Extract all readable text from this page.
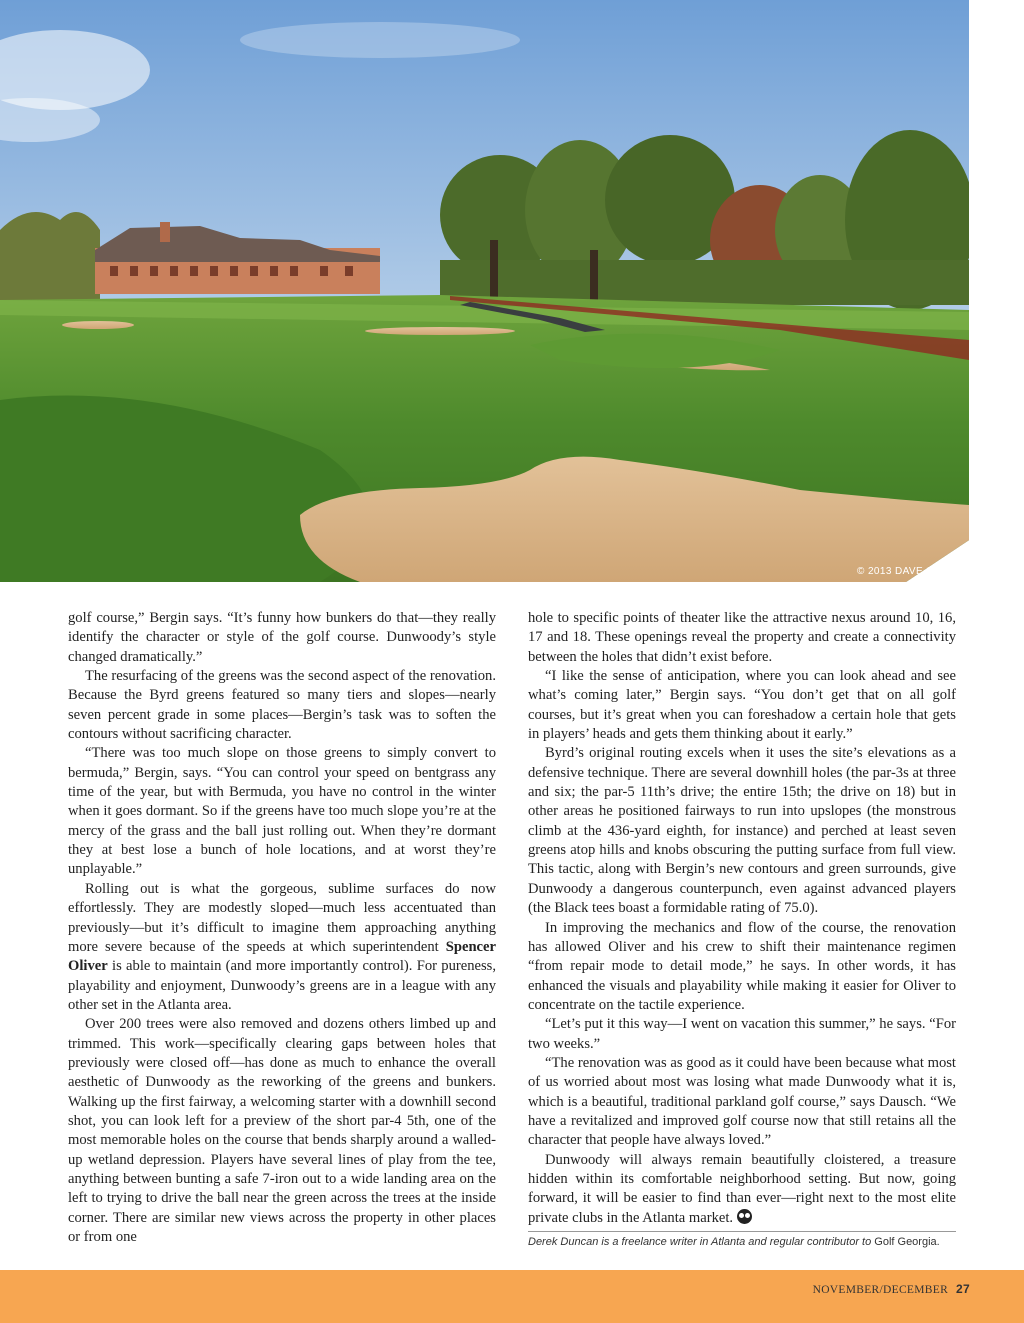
© 2013 DAVE SANSOM

golf course,” Bergin says. “It’s funny how bunkers do that—they really identify the character or style of the golf course. Dunwoody’s style changed dramatically.”

The resurfacing of the greens was the second aspect of the renovation. Because the Byrd greens featured so many tiers and slopes—nearly seven percent grade in some places—Bergin’s task was to soften the contours without sacrificing character.

“There was too much slope on those greens to simply convert to bermuda,” Bergin, says. “You can control your speed on bentgrass any time of the year, but with Bermuda, you have no control in the winter when it goes dormant. So if the greens have too much slope you’re at the mercy of the grass and the ball just rolling out. When they’re dormant they at best lose a bunch of hole locations, and at worst they’re unplayable.”

Rolling out is what the gorgeous, sublime surfaces do now effortlessly. They are modestly sloped—much less accentuated than previously—but it’s difficult to imagine them approaching anything more severe because of the speeds at which superintendent Spencer Oliver is able to maintain (and more importantly control). For pureness, playability and enjoyment, Dunwoody’s greens are in a league with any other set in the Atlanta area.

Over 200 trees were also removed and dozens others limbed up and trimmed. This work—specifically clearing gaps between holes that previously were closed off—has done as much to enhance the overall aesthetic of Dunwoody as the reworking of the greens and bunkers. Walking up the first fairway, a welcoming starter with a downhill second shot, you can look left for a preview of the short par-4 5th, one of the most memorable holes on the course that bends sharply around a walled-up wetland depression. Players have several lines of play from the tee, anything between bunting a safe 7-iron out to a wide landing area on the left to trying to drive the ball near the green across the trees at the inside corner. There are similar new views across the property in other places or from one

hole to specific points of theater like the attractive nexus around 10, 16, 17 and 18. These openings reveal the property and create a connectivity between the holes that didn’t exist before.

“I like the sense of anticipation, where you can look ahead and see what’s coming later,” Bergin says. “You don’t get that on all golf courses, but it’s great when you can foreshadow a certain hole that gets in players’ heads and gets them thinking about it early.”

Byrd’s original routing excels when it uses the site’s elevations as a defensive technique. There are several downhill holes (the par-3s at three and six; the par-5 11th’s drive; the entire 15th; the drive on 18) but in other areas he positioned fairways to run into upslopes (the monstrous climb at the 436-yard eighth, for instance) and perched at least seven greens atop hills and knobs obscuring the putting surface from full view. This tactic, along with Bergin’s new contours and green surrounds, give Dunwoody a dangerous counterpunch, even against advanced players (the Black tees boast a formidable rating of 75.0).

In improving the mechanics and flow of the course, the renovation has allowed Oliver and his crew to shift their maintenance regimen “from repair mode to detail mode,” he says. In other words, it has enhanced the visuals and playability while making it easier for Oliver to concentrate on the tactile experience.

“Let’s put it this way—I went on vacation this summer,” he says. “For two weeks.”

“The renovation was as good as it could have been because what most of us worried about most was losing what made Dunwoody what it is, which is a beautiful, traditional parkland golf course,” says Dausch. “We have a revitalized and improved golf course now that still retains all the character that people have always loved.”

Dunwoody will always remain beautifully cloistered, a treasure hidden within its comfortable neighborhood setting. But now, going forward, it will be easier to find than ever—right next to the most elite private clubs in the Atlanta market.

Derek Duncan is a freelance writer in Atlanta and regular contributor to Golf Georgia.
NOVEMBER/DECEMBER 27
